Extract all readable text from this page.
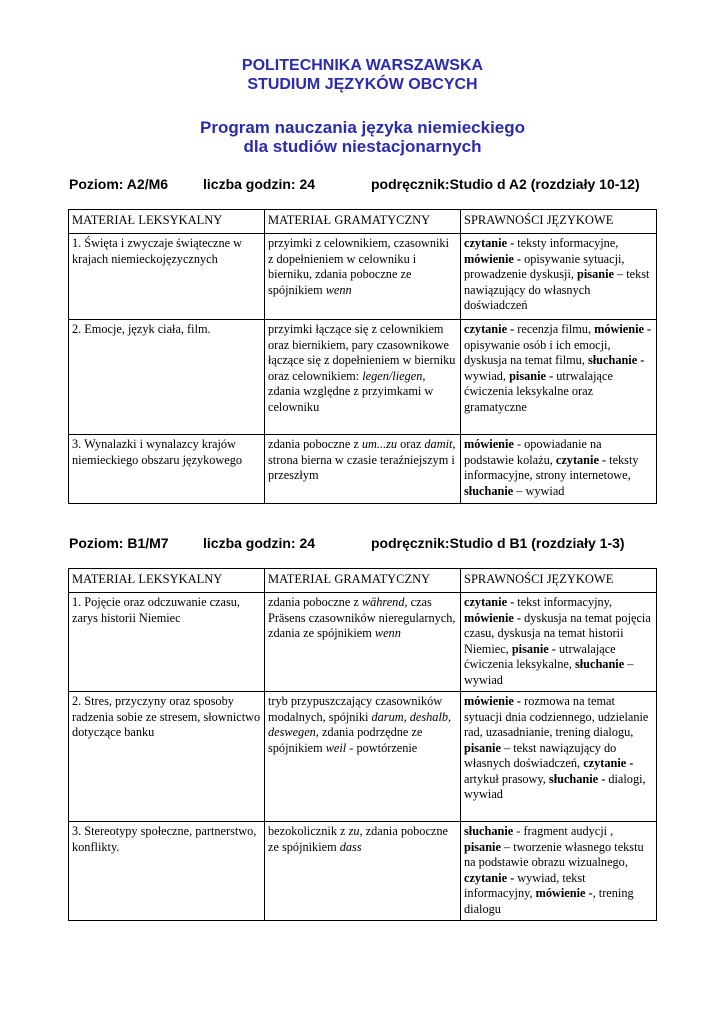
POLITECHNIKA WARSZAWSKA
STUDIUM JĘZYKÓW OBCYCH
Program nauczania języka niemieckiego
dla studiów niestacjonarnych
Poziom: A2/M6 liczba godzin: 24	podręcznik:Studio d A2 (rozdziały 10-12)
MATERIAŁ LEKSYKALNY	MATERIAŁ GRAMATYCZNY	SPRAWNOŚCI JĘZYKOWE
1. Święta i zwyczaje świąteczne w krajach niemieckojęzycznych	przyimki z celownikiem, czasowniki z dopełnieniem w celowniku i bierniku, zdania poboczne ze spójnikiem wenn	czytanie - teksty informacyjne, mówienie - opisywanie sytuacji, prowadzenie dyskusji, pisanie – tekst nawiązujący do własnych doświadczeń
2. Emocje, język ciała, film.	przyimki łączące się z celownikiem oraz biernikiem, pary czasownikowe łączące się z dopełnieniem w bierniku oraz celownikiem: legen/liegen, zdania względne z przyimkami w celowniku	czytanie - recenzja filmu, mówienie - opisywanie osób i ich emocji, dyskusja na temat filmu, słuchanie - wywiad, pisanie - utrwalające ćwiczenia leksykalne oraz gramatyczne
3. Wynalazki i wynalazcy krajów niemieckiego obszaru językowego	zdania poboczne z um...zu oraz damit, strona bierna w czasie teraźniejszym i przeszłym	mówienie - opowiadanie na podstawie kolażu, czytanie - teksty informacyjne, strony internetowe, słuchanie – wywiad
Poziom: B1/M7 liczba godzin: 24	podręcznik:Studio d B1 (rozdziały 1-3)
MATERIAŁ LEKSYKALNY	MATERIAŁ GRAMATYCZNY	SPRAWNOŚCI JĘZYKOWE
1. Pojęcie oraz odczuwanie czasu, zarys historii Niemiec	zdania poboczne z während, czas Präsens czasowników nieregularnych, zdania ze spójnikiem wenn	czytanie - tekst informacyjny, mówienie - dyskusja na temat pojęcia czasu, dyskusja na temat historii Niemiec, pisanie - utrwalające ćwiczenia leksykalne, słuchanie – wywiad
2. Stres, przyczyny oraz sposoby radzenia sobie ze stresem, słownictwo dotyczące banku	tryb przypuszczający czasowników modalnych, spójniki darum, deshalb, deswegen, zdania podrzędne ze spójnikiem weil - powtórzenie	mówienie - rozmowa na temat sytuacji dnia codziennego, udzielanie rad, uzasadnianie, trening dialogu, pisanie – tekst nawiązujący do własnych doświadczeń, czytanie - artykuł prasowy, słuchanie - dialogi, wywiad
3. Stereotypy społeczne, partnerstwo, konflikty.	bezokolicznik z zu, zdania poboczne ze spójnikiem dass	słuchanie - fragment audycji , pisanie – tworzenie własnego tekstu na podstawie obrazu wizualnego, czytanie - wywiad, tekst informacyjny, mówienie -, trening dialogu
